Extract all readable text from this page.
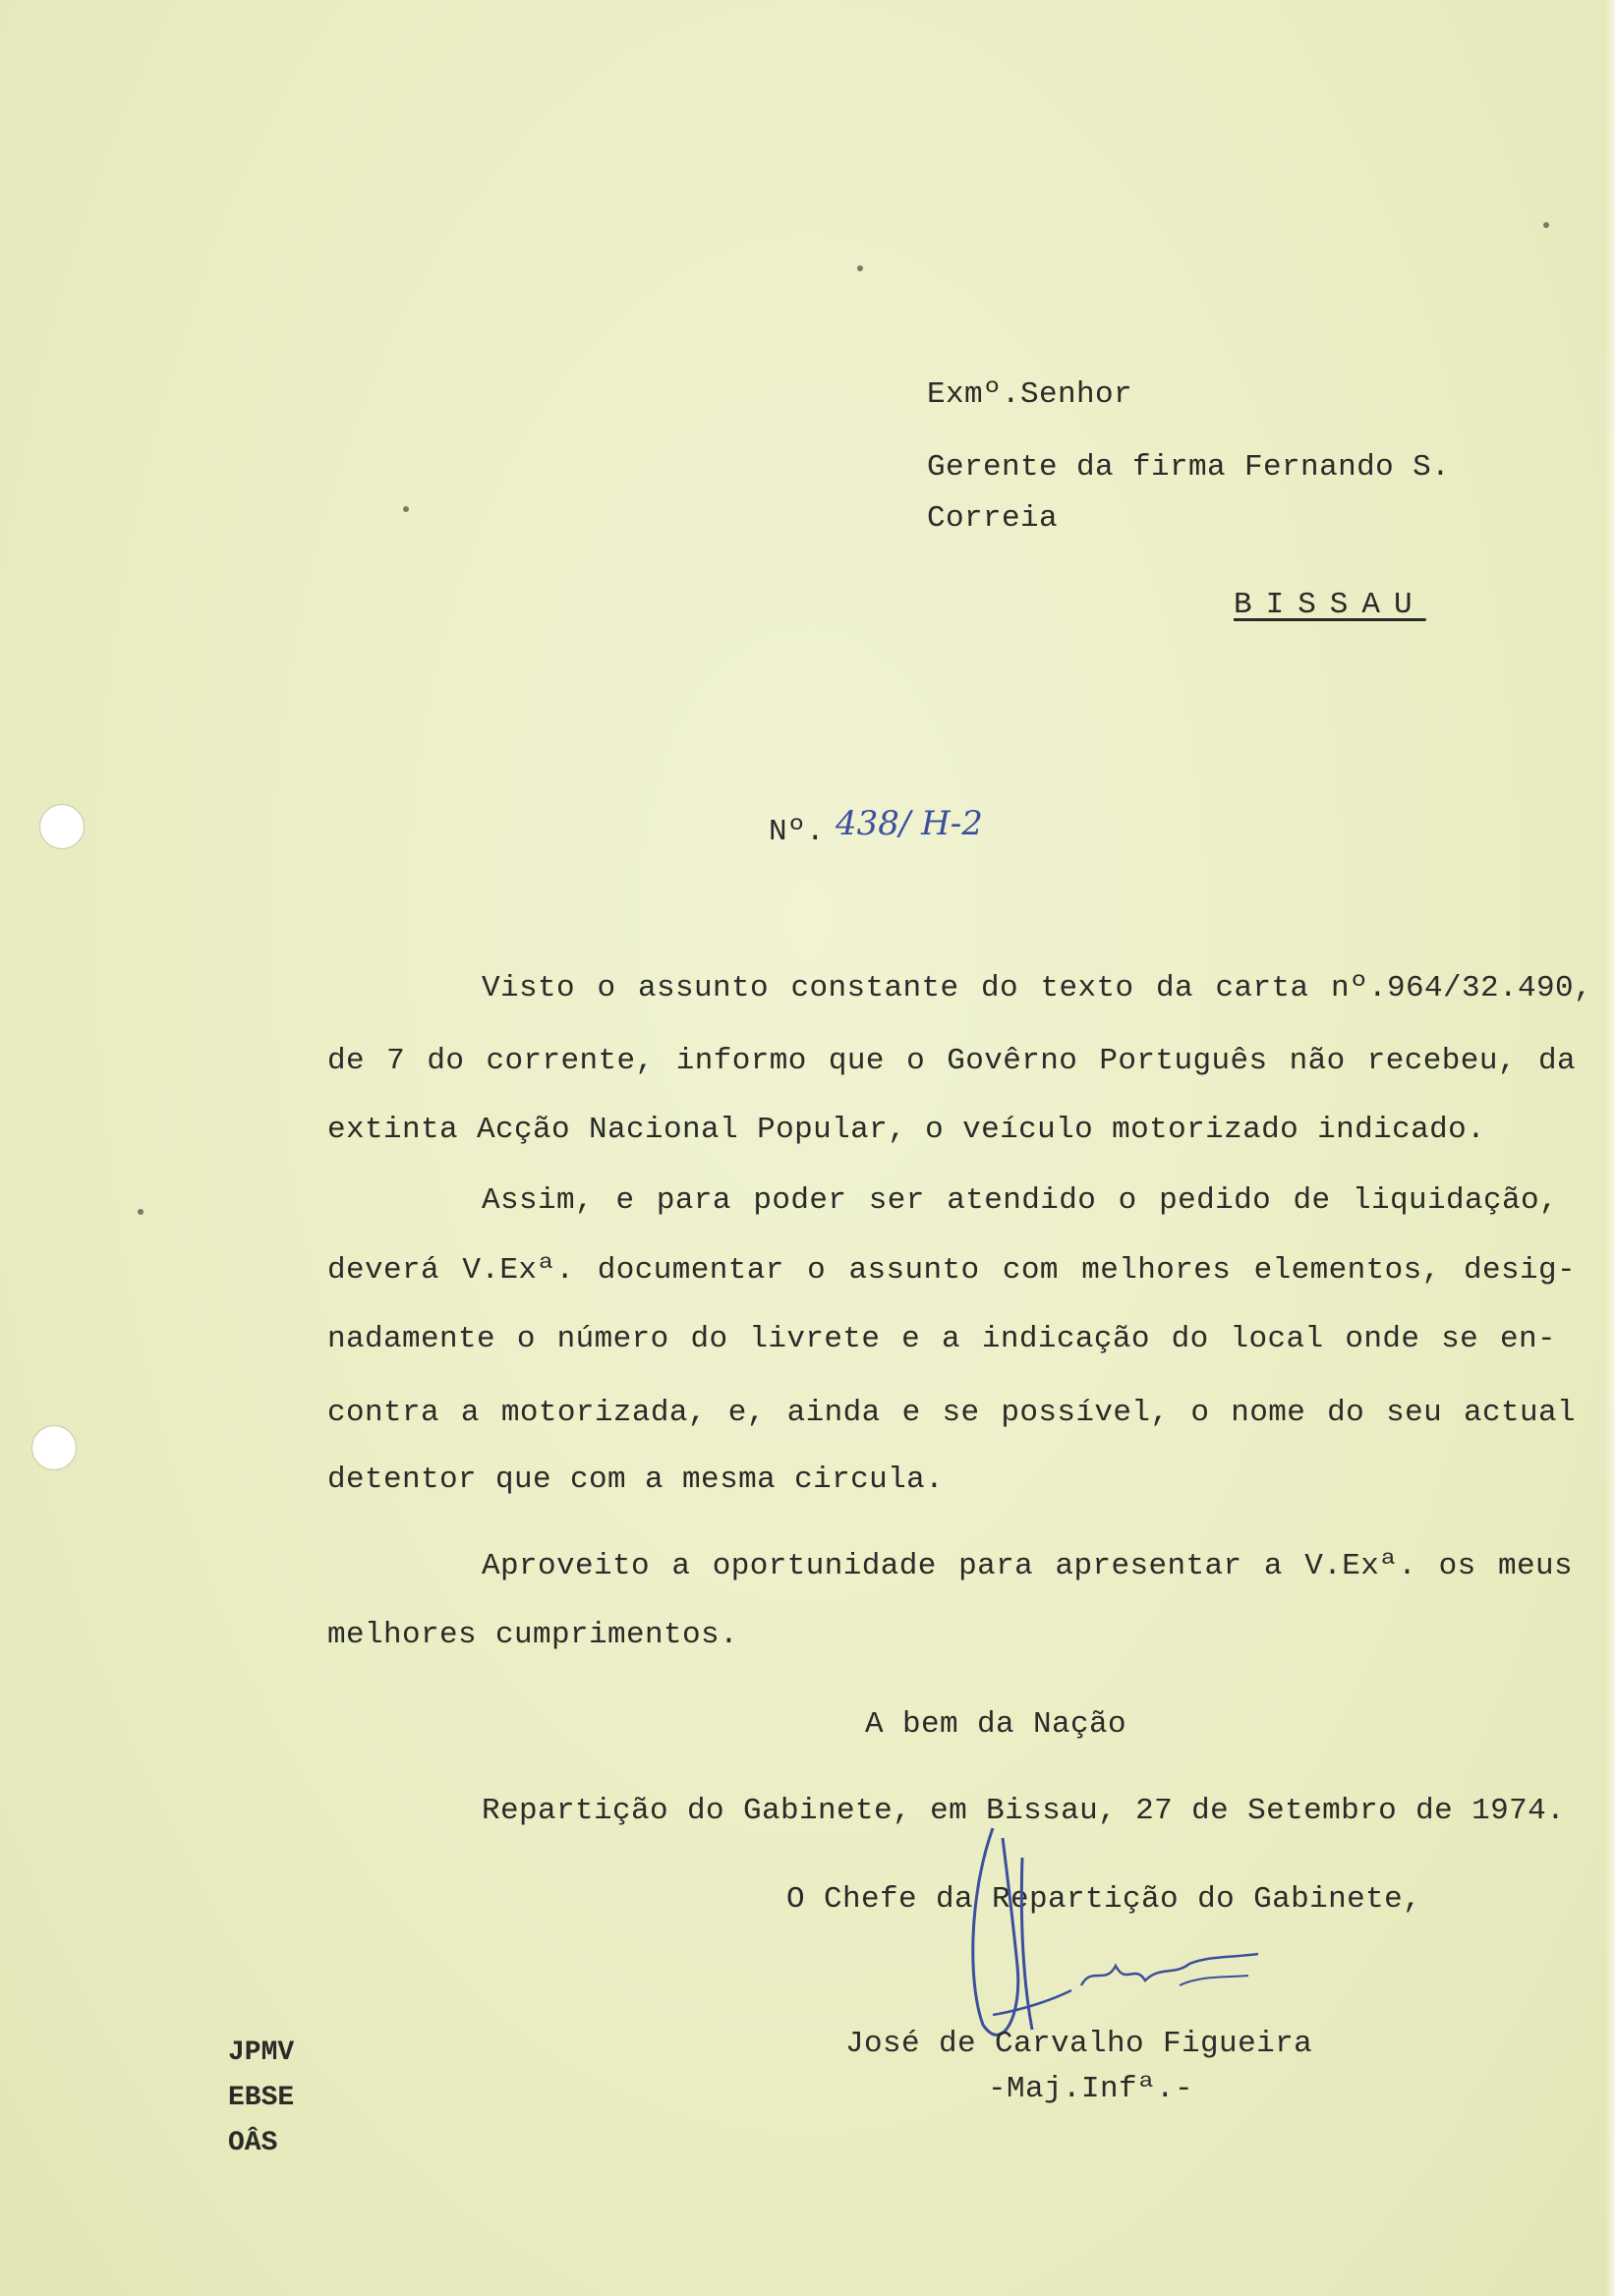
Exmº.Senhor
Gerente da firma Fernando S.
Correia
BISSAU
Nº. 438/ H-2
Visto o assunto constante do texto da carta nº.964/32.490,
de 7 do corrente, informo que o Govêrno Português não recebeu, da
extinta Acção Nacional Popular, o veículo motorizado indicado.
Assim, e para poder ser atendido o pedido de liquidação,
deverá V.Exª. documentar o assunto com melhores elementos, desig-
nadamente o número do livrete e a indicação do local onde se en-
contra a motorizada, e, ainda e se possível, o nome do seu actual
detentor que com a mesma circula.
Aproveito a oportunidade para apresentar a V.Exª. os meus
melhores cumprimentos.
A bem da Nação
Repartição do Gabinete, em Bissau, 27 de Setembro de 1974.
O Chefe da Repartição do Gabinete,
José de Carvalho Figueira
-Maj.Infª.-
JPMV
EBSE
OÂS
